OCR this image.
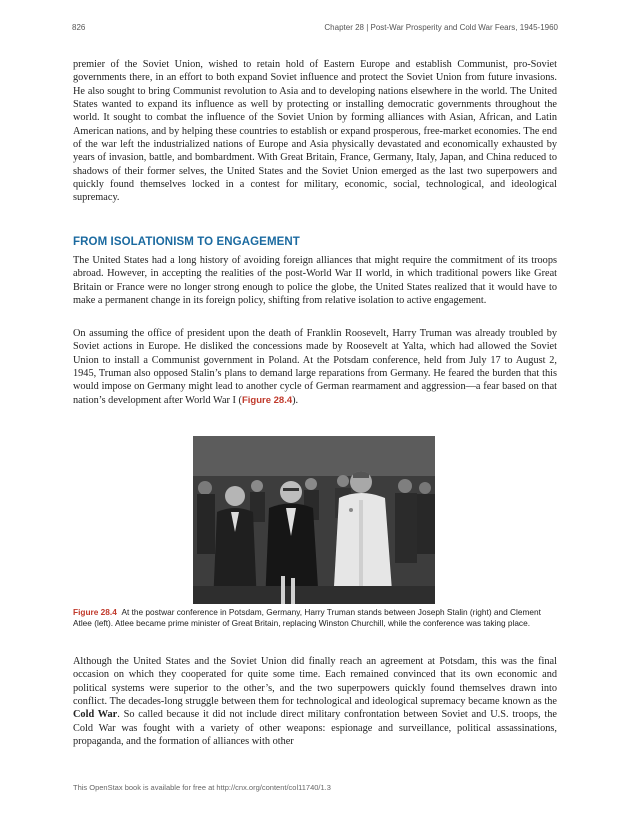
826	Chapter 28 | Post-War Prosperity and Cold War Fears, 1945-1960

premier of the Soviet Union, wished to retain hold of Eastern Europe and establish Communist, pro-Soviet governments there, in an effort to both expand Soviet influence and protect the Soviet Union from future invasions. He also sought to bring Communist revolution to Asia and to developing nations elsewhere in the world. The United States wanted to expand its influence as well by protecting or installing democratic governments throughout the world. It sought to combat the influence of the Soviet Union by forming alliances with Asian, African, and Latin American nations, and by helping these countries to establish or expand prosperous, free-market economies. The end of the war left the industrialized nations of Europe and Asia physically devastated and economically exhausted by years of invasion, battle, and bombardment. With Great Britain, France, Germany, Italy, Japan, and China reduced to shadows of their former selves, the United States and the Soviet Union emerged as the last two superpowers and quickly found themselves locked in a contest for military, economic, social, technological, and ideological supremacy.

FROM ISOLATIONISM TO ENGAGEMENT

The United States had a long history of avoiding foreign alliances that might require the commitment of its troops abroad. However, in accepting the realities of the post-World War II world, in which traditional powers like Great Britain or France were no longer strong enough to police the globe, the United States realized that it would have to make a permanent change in its foreign policy, shifting from relative isolation to active engagement.

On assuming the office of president upon the death of Franklin Roosevelt, Harry Truman was already troubled by Soviet actions in Europe. He disliked the concessions made by Roosevelt at Yalta, which had allowed the Soviet Union to install a Communist government in Poland. At the Potsdam conference, held from July 17 to August 2, 1945, Truman also opposed Stalin’s plans to demand large reparations from Germany. He feared the burden that this would impose on Germany might lead to another cycle of German rearmament and aggression—a fear based on that nation’s development after World War I (Figure 28.4).

Figure 28.4 At the postwar conference in Potsdam, Germany, Harry Truman stands between Joseph Stalin (right) and Clement Atlee (left). Atlee became prime minister of Great Britain, replacing Winston Churchill, while the conference was taking place.

Although the United States and the Soviet Union did finally reach an agreement at Potsdam, this was the final occasion on which they cooperated for quite some time. Each remained convinced that its own economic and political systems were superior to the other’s, and the two superpowers quickly found themselves drawn into conflict. The decades-long struggle between them for technological and ideological supremacy became known as the Cold War. So called because it did not include direct military confrontation between Soviet and U.S. troops, the Cold War was fought with a variety of other weapons: espionage and surveillance, political assassinations, propaganda, and the formation of alliances with other

This OpenStax book is available for free at http://cnx.org/content/col11740/1.3
